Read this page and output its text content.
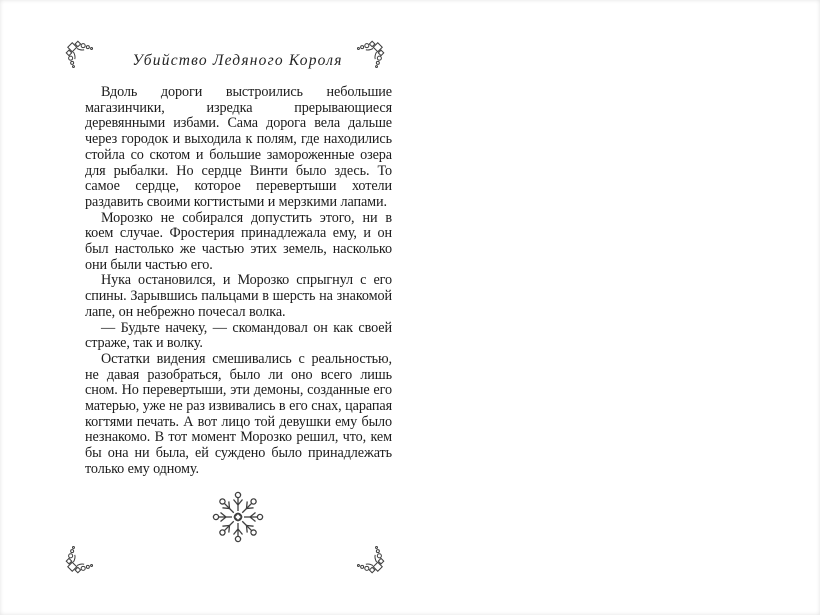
Убийство Ледяного Короля

Вдоль дороги выстроились небольшие магазинчики, изредка прерывающиеся деревянными избами. Сама дорога вела дальше через городок и выходила к полям, где находились стойла со скотом и большие замороженные озера для рыбалки. Но сердце Винти было здесь. То самое сердце, которое перевертыши хотели раздавить своими когтистыми и мерзкими лапами.

Морозко не собирался допустить этого, ни в коем случае. Фростерия принадлежала ему, и он был настолько же частью этих земель, насколько они были частью его.

Нука остановился, и Морозко спрыгнул с его спины. Зарывшись пальцами в шерсть на знакомой лапе, он небрежно почесал волка.

— Будьте начеку, — скомандовал он как своей страже, так и волку.

Остатки видения смешивались с реальностью, не давая разобраться, было ли оно всего лишь сном. Но перевертыши, эти демоны, созданные его матерью, уже не раз извивались в его снах, царапая когтями печать. А вот лицо той девушки ему было незнакомо. В тот момент Морозко решил, что, кем бы она ни была, ей суждено было принадлежать только ему одному.
